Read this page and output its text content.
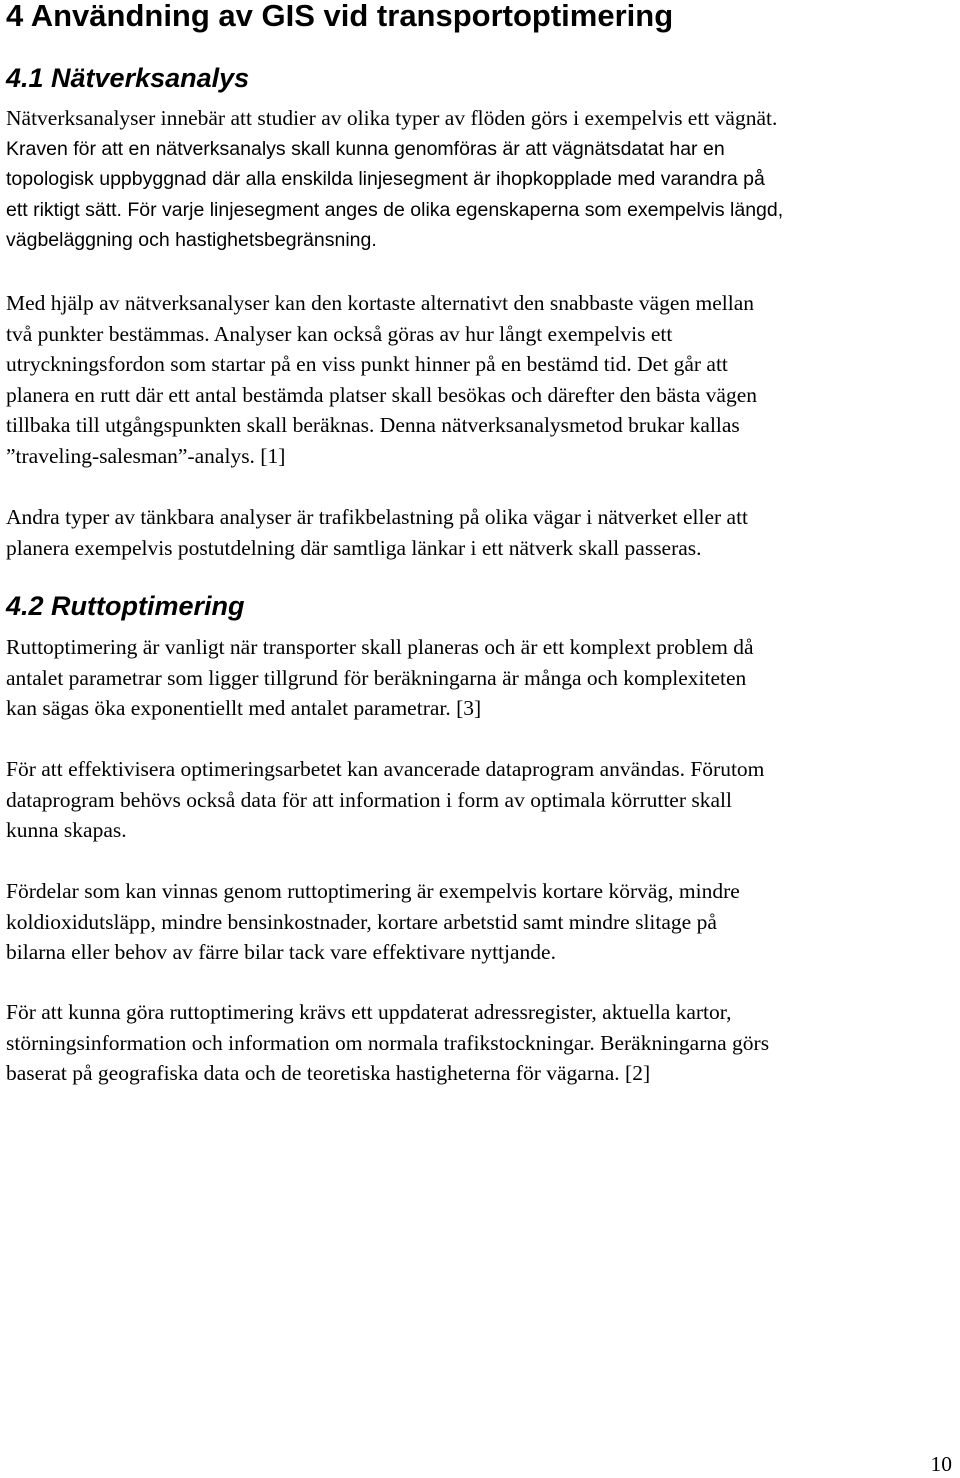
4 Användning av GIS vid transportoptimering
4.1 Nätverksanalys
Nätverksanalyser innebär att studier av olika typer av flöden görs i exempelvis ett vägnät.
Kraven för att en nätverksanalys skall kunna genomföras är att vägnätsdatat har en
topologisk uppbyggnad där alla enskilda linjesegment är ihopkopplade med varandra på
ett riktigt sätt. För varje linjesegment anges de olika egenskaperna som exempelvis längd,
vägbeläggning och hastighetsbegränsning.
Med hjälp av nätverksanalyser kan den kortaste alternativt den snabbaste vägen mellan
två punkter bestämmas. Analyser kan också göras av hur långt exempelvis ett
utryckningsfordon som startar på en viss punkt hinner på en bestämd tid. Det går att
planera en rutt där ett antal bestämda platser skall besökas och därefter den bästa vägen
tillbaka till utgångspunkten skall beräknas. Denna nätverksanalysmetod brukar kallas
”traveling-salesman”-analys. [1]
Andra typer av tänkbara analyser är trafikbelastning på olika vägar i nätverket eller att
planera exempelvis postutdelning där samtliga länkar i ett nätverk skall passeras.
4.2 Ruttoptimering
Ruttoptimering är vanligt när transporter skall planeras och är ett komplext problem då
antalet parametrar som ligger tillgrund för beräkningarna är många och komplexiteten
kan sägas öka exponentiellt med antalet parametrar. [3]
För att effektivisera optimeringsarbetet kan avancerade dataprogram användas. Förutom
dataprogram behövs också data för att information i form av optimala körrutter skall
kunna skapas.
Fördelar som kan vinnas genom ruttoptimering är exempelvis kortare körväg, mindre
koldioxidutsläpp, mindre bensinkostnader, kortare arbetstid samt mindre slitage på
bilarna eller behov av färre bilar tack vare effektivare nyttjande.
För att kunna göra ruttoptimering krävs ett uppdaterat adressregister, aktuella kartor,
störningsinformation och information om normala trafikstockningar. Beräkningarna görs
baserat på geografiska data och de teoretiska hastigheterna för vägarna. [2]
10
